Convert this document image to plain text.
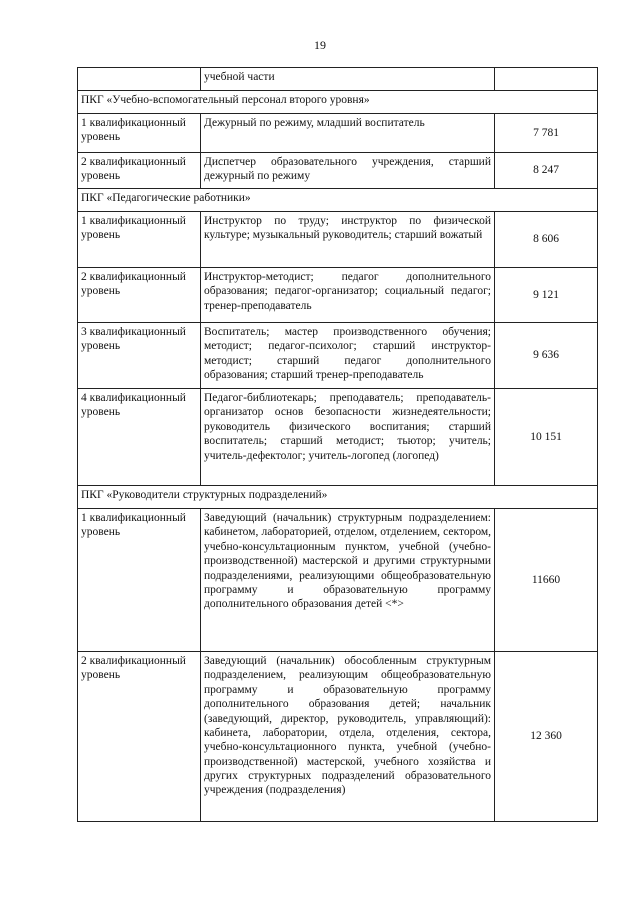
19
	учебной части	
ПКГ «Учебно-вспомогательный персонал второго уровня»		
1 квалификационный уровень	Дежурный по режиму, младший воспитатель	7 781
2 квалификационный уровень	Диспетчер образовательного учреждения, старший дежурный по режиму	8 247
ПКГ «Педагогические работники»		
1 квалификационный уровень	Инструктор по труду; инструктор по физической культуре; музыкальный руководитель; старший вожатый	8 606
2 квалификационный уровень	Инструктор-методист; педагог дополнительного образования; педагог-организатор; социальный педагог; тренер-преподаватель	9 121
3 квалификационный уровень	Воспитатель; мастер производственного обучения; методист; педагог-психолог; старший инструктор-методист; старший педагог дополнительного образования; старший тренер-преподаватель	9 636
4 квалификационный уровень	Педагог-библиотекарь; преподаватель; преподаватель-организатор основ безопасности жизнедеятельности; руководитель физического воспитания; старший воспитатель; старший методист; тьютор; учитель; учитель-дефектолог; учитель-логопед (логопед)	10 151
ПКГ «Руководители структурных подразделений»		
1 квалификационный уровень	Заведующий (начальник) структурным подразделением: кабинетом, лабораторией, отделом, отделением, сектором, учебно-консультационным пунктом, учебной (учебно-производственной) мастерской и другими структурными подразделениями, реализующими общеобразовательную программу и образовательную программу дополнительного образования детей <*>	11660
2 квалификационный уровень	Заведующий (начальник) обособленным структурным подразделением, реализующим общеобразовательную программу и образовательную программу дополнительного образования детей; начальник (заведующий, директор, руководитель, управляющий): кабинета, лаборатории, отдела, отделения, сектора, учебно-консультационного пункта, учебной (учебно-производственной) мастерской, учебного хозяйства и других структурных подразделений образовательного учреждения (подразделения)	12 360
